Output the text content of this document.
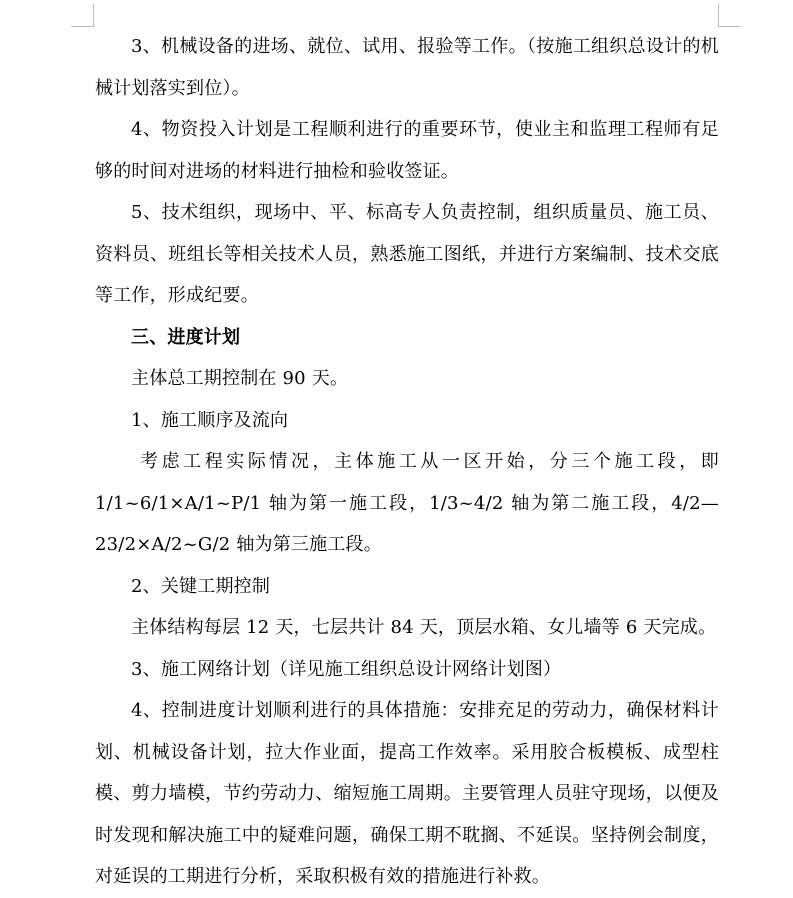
3、机械设备的进场、就位、试用、报验等工作。（按施工组织总设计的机械计划落实到位）。

4、物资投入计划是工程顺利进行的重要环节，使业主和监理工程师有足够的时间对进场的材料进行抽检和验收签证。

5、技术组织，现场中、平、标高专人负责控制，组织质量员、施工员、资料员、班组长等相关技术人员，熟悉施工图纸，并进行方案编制、技术交底等工作，形成纪要。

三、进度计划

主体总工期控制在 90 天。

1、施工顺序及流向

考虑工程实际情况，主体施工从一区开始，分三个施工段，即 1/1~6/1×A/1~P/1 轴为第一施工段，1/3~4/2 轴为第二施工段，4/2—23/2×A/2~G/2 轴为第三施工段。

2、关键工期控制

主体结构每层 12 天，七层共计 84 天，顶层水箱、女儿墙等 6 天完成。

3、施工网络计划（详见施工组织总设计网络计划图）

4、控制进度计划顺利进行的具体措施：安排充足的劳动力，确保材料计划、机械设备计划，拉大作业面，提高工作效率。采用胶合板模板、成型柱模、剪力墙模，节约劳动力、缩短施工周期。主要管理人员驻守现场，以便及时发现和解决施工中的疑难问题，确保工期不耽搁、不延误。坚持例会制度，对延误的工期进行分析，采取积极有效的措施进行补救。
